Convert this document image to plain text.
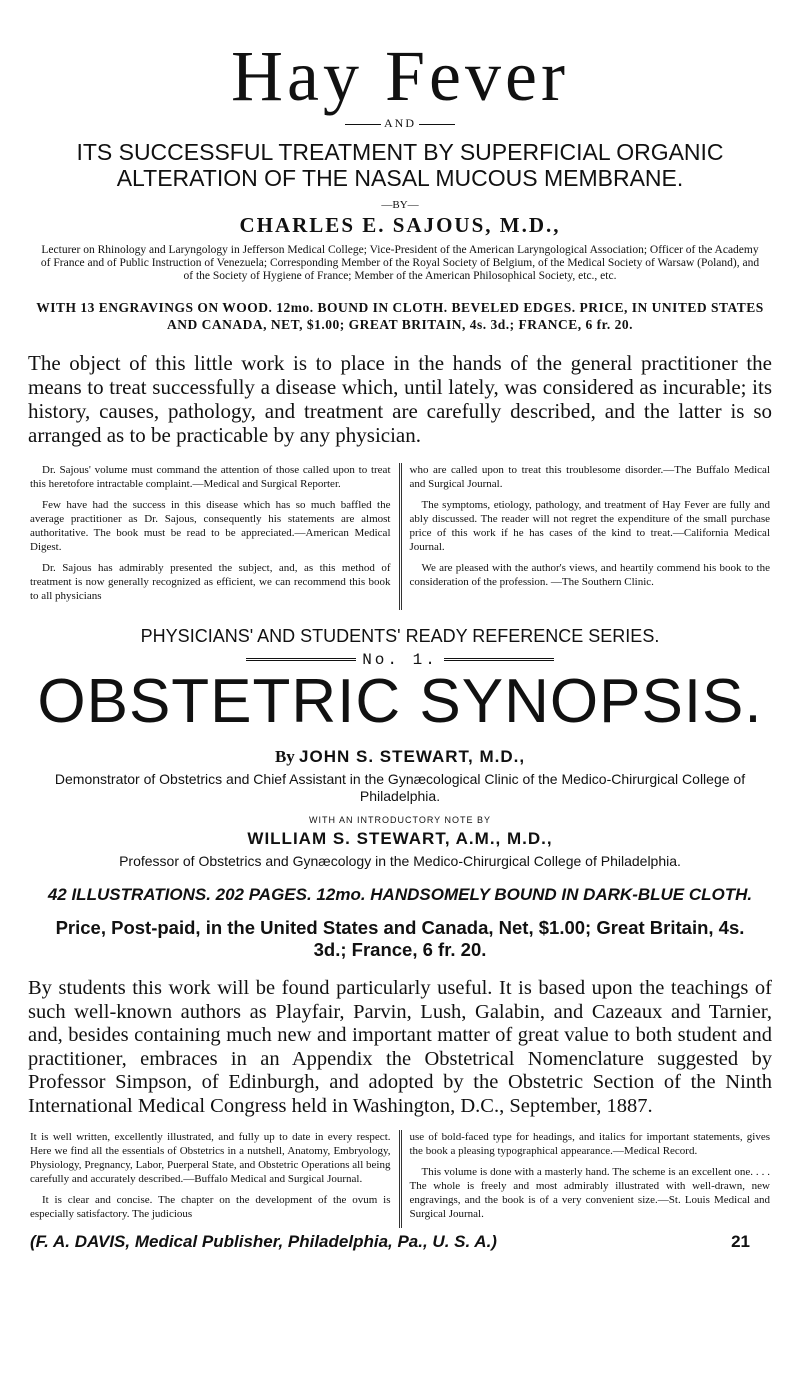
Hay Fever
AND
ITS SUCCESSFUL TREATMENT BY SUPERFICIAL ORGANIC ALTERATION OF THE NASAL MUCOUS MEMBRANE.
—BY—
CHARLES E. SAJOUS, M.D.,
Lecturer on Rhinology and Laryngology in Jefferson Medical College; Vice-President of the American Laryngological Association; Officer of the Academy of France and of Public Instruction of Venezuela; Corresponding Member of the Royal Society of Belgium, of the Medical Society of Warsaw (Poland), and of the Society of Hygiene of France; Member of the American Philosophical Society, etc., etc.
WITH 13 ENGRAVINGS ON WOOD. 12mo. BOUND IN CLOTH. BEVELED EDGES. PRICE, IN UNITED STATES AND CANADA, NET, $1.00; GREAT BRITAIN, 4s. 3d.; FRANCE, 6 fr. 20.
The object of this little work is to place in the hands of the general practitioner the means to treat successfully a disease which, until lately, was considered as incurable; its history, causes, pathology, and treatment are carefully described, and the latter is so arranged as to be practicable by any physician.

Dr. Sajous' volume must command the attention of those called upon to treat this heretofore intractable complaint.—Medical and Surgical Reporter.

Few have had the success in this disease which has so much baffled the average practitioner as Dr. Sajous, consequently his statements are almost authoritative. The book must be read to be appreciated.—American Medical Digest.

Dr. Sajous has admirably presented the subject, and, as this method of treatment is now generally recognized as efficient, we can recommend this book to all physicians

who are called upon to treat this troublesome disorder.—The Buffalo Medical and Surgical Journal.

The symptoms, etiology, pathology, and treatment of Hay Fever are fully and ably discussed. The reader will not regret the expenditure of the small purchase price of this work if he has cases of the kind to treat.—California Medical Journal.

We are pleased with the author's views, and heartily commend his book to the consideration of the profession. —The Southern Clinic.

PHYSICIANS' AND STUDENTS' READY REFERENCE SERIES.
No. 1.
OBSTETRIC SYNOPSIS.
By JOHN S. STEWART, M.D.,
Demonstrator of Obstetrics and Chief Assistant in the Gynæcological Clinic of the Medico-Chirurgical College of Philadelphia.
WITH AN INTRODUCTORY NOTE BY
WILLIAM S. STEWART, A.M., M.D.,
Professor of Obstetrics and Gynæcology in the Medico-Chirurgical College of Philadelphia.
42 ILLUSTRATIONS. 202 PAGES. 12mo. HANDSOMELY BOUND IN DARK-BLUE CLOTH.
Price, Post-paid, in the United States and Canada, Net, $1.00; Great Britain, 4s. 3d.; France, 6 fr. 20.
By students this work will be found particularly useful. It is based upon the teachings of such well-known authors as Playfair, Parvin, Lush, Galabin, and Cazeaux and Tarnier, and, besides containing much new and important matter of great value to both student and practitioner, embraces in an Appendix the Obstetrical Nomenclature suggested by Professor Simpson, of Edinburgh, and adopted by the Obstetric Section of the Ninth International Medical Congress held in Washington, D.C., September, 1887.

It is well written, excellently illustrated, and fully up to date in every respect. Here we find all the essentials of Obstetrics in a nutshell, Anatomy, Embryology, Physiology, Pregnancy, Labor, Puerperal State, and Obstetric Operations all being carefully and accurately described.—Buffalo Medical and Surgical Journal.

It is clear and concise. The chapter on the development of the ovum is especially satisfactory. The judicious

use of bold-faced type for headings, and italics for important statements, gives the book a pleasing typographical appearance.—Medical Record.

This volume is done with a masterly hand. The scheme is an excellent one. . . . The whole is freely and most admirably illustrated with well-drawn, new engravings, and the book is of a very convenient size.—St. Louis Medical and Surgical Journal.

(F. A. DAVIS, Medical Publisher, Philadelphia, Pa., U. S. A.)	21
